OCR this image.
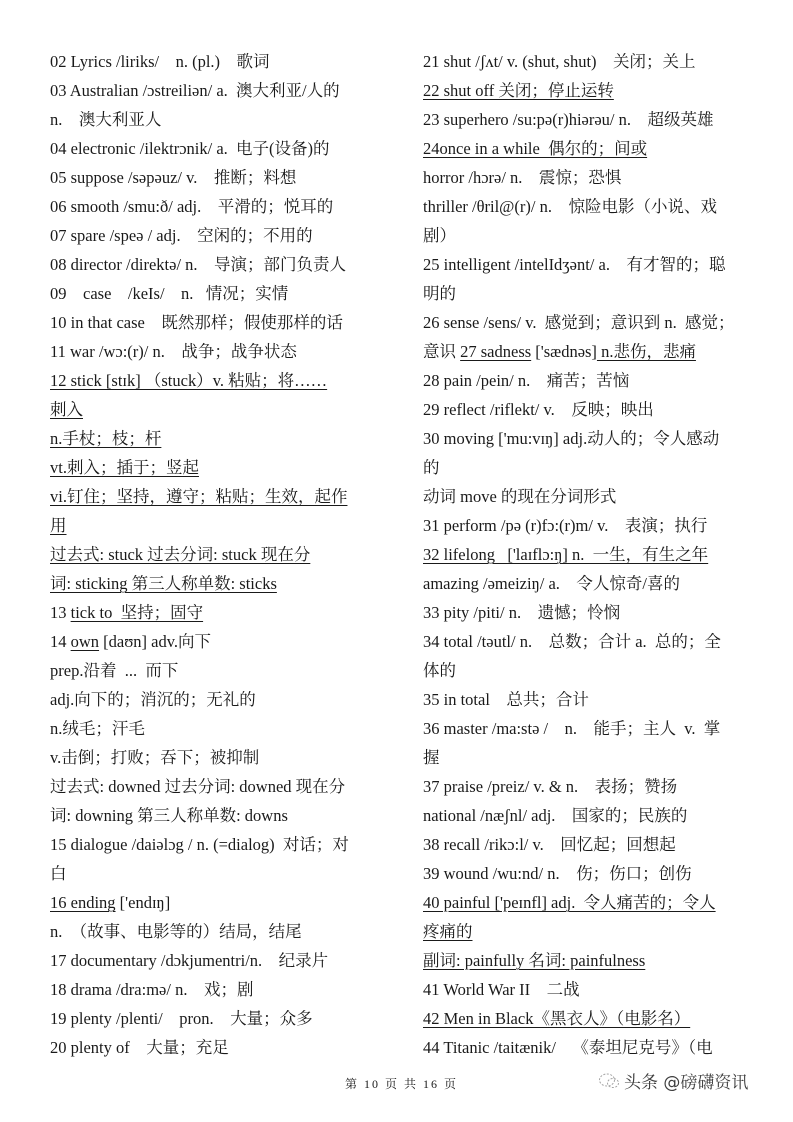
02 Lyrics /liriks/    n. (pl.)    歌词
03 Australian /ɔstreiliən/ a.  澳大利亚/人的
n.    澳大利亚人
04 electronic /ilektrɔnik/ a.  电子(设备)的
05 suppose /səpəuz/ v.    推断；料想
06 smooth /smu:ð/ adj.    平滑的；悦耳的
07 spare /speə / adj.    空闲的；不用的
08 director /direktə/ n.    导演；部门负责人
09    case    /keIs/    n.   情况；实情
10 in that case    既然那样；假使那样的话
11 war /wɔ:(r)/ n.    战争；战争状态
12 stick [stɪk] （stuck）v. 粘贴；将……
刺入
n.手杖；枝；杆
vt.刺入；插于；竖起
vi.钉住；坚持，遵守；粘贴；生效，起作
用
过去式: stuck 过去分词: stuck 现在分
词: sticking 第三人称单数: sticks
13 tick to  坚持；固守
14 own [daʊn] adv.向下
prep.沿着  ...  而下
adj.向下的；消沉的；无礼的
n.绒毛；汗毛
v.击倒；打败；吞下；被抑制
过去式: downed 过去分词: downed 现在分
词: downing 第三人称单数: downs
15 dialogue /daiəlɔg / n. (=dialog)  对话；对
白
16 ending ['endɪŋ]
n.  （故事、电影等的）结局，结尾
17 documentary /dɔkjumentri/n.    纪录片
18 drama /dra:mə/ n.    戏；剧
19 plenty /plenti/    pron.    大量；众多
20 plenty of    大量；充足
21 shut /ʃʌt/ v. (shut, shut)    关闭；关上
22 shut off 关闭；停止运转
23 superhero /su:pə(r)hiərəu/ n.    超级英雄
24once in a while  偶尔的；间或
horror /hɔrə/ n.    震惊；恐惧
thriller /θril@(r)/ n.    惊险电影（小说、戏
剧）
25 intelligent /intelIdʒənt/ a.    有才智的；聪
明的
26 sense /sens/ v.  感觉到；意识到 n.  感觉；
意识 27 sadness ['sædnəs] n.悲伤，悲痛
28 pain /pein/ n.    痛苦；苦恼
29 reflect /riflekt/ v.    反映；映出
30 moving ['mu:vɪŋ] adj.动人的；令人感动
的
动词 move 的现在分词形式
31 perform /pə (r)fɔ:(r)m/ v.    表演；执行
32 lifelong   ['laɪflɔ:ŋ] n.  一生，有生之年
amazing /əmeiziŋ/ a.    令人惊奇/喜的
33 pity /piti/ n.    遗憾；怜悯
34 total /təutl/ n.    总数；合计 a.  总的；全
体的
35 in total    总共；合计
36 master /ma:stə /    n.    能手；主人  v.  掌
握
37 praise /preiz/ v. & n.    表扬；赞扬
national /næʃnl/ adj.    国家的；民族的
38 recall /rikɔ:l/ v.    回忆起；回想起
39 wound /wu:nd/ n.    伤；伤口；创伤
40 painful ['peɪnfl] adj.  令人痛苦的；令人
疼痛的
副词: painfully 名词: painfulness
41 World War II    二战
42 Men in Black《黑衣人》（电影名）
44 Titanic /taitænik/    《泰坦尼克号》（电
第 10 页 共 16 页	头条 @磅礴资讯
